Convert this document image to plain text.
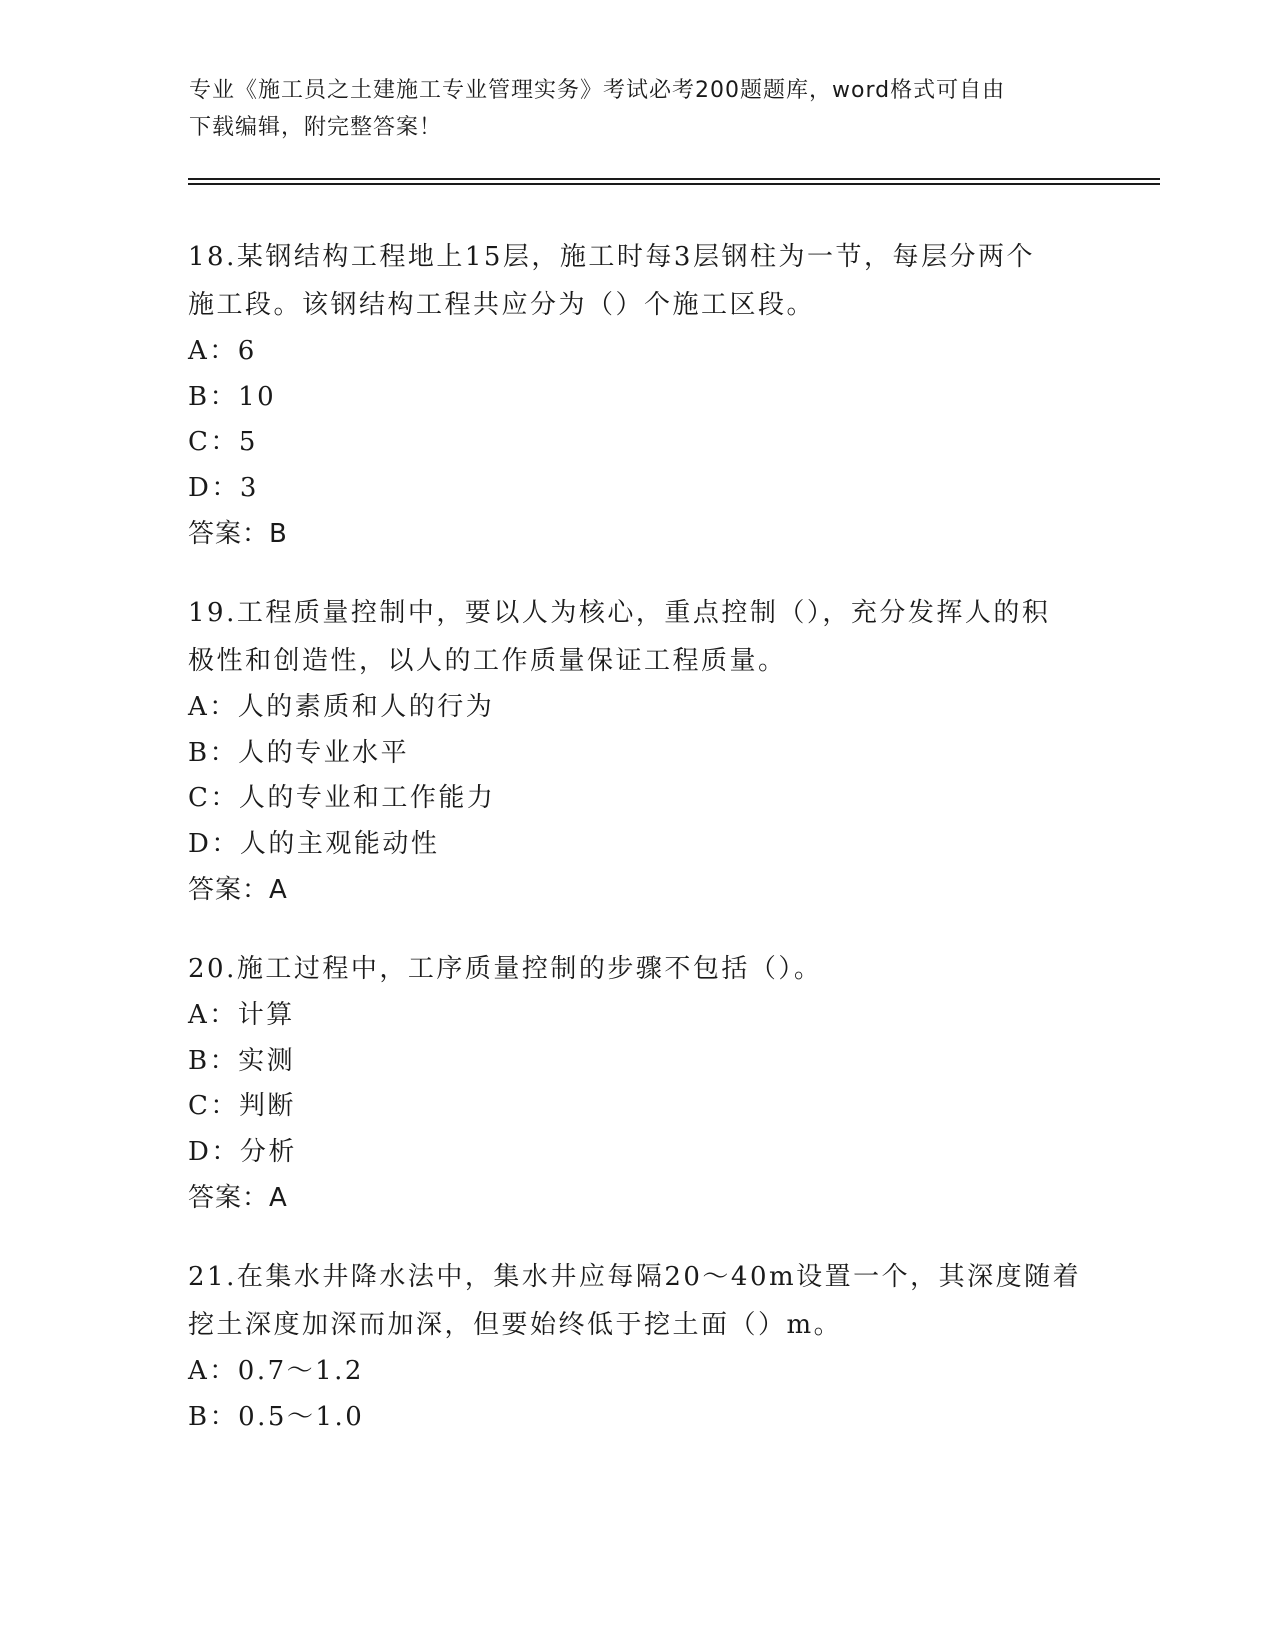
专业《施工员之土建施工专业管理实务》考试必考200题题库，word格式可自由
下载编辑，附完整答案！
18.某钢结构工程地上15层，施工时每3层钢柱为一节，每层分两个
施工段。该钢结构工程共应分为（）个施工区段。
A：6
B：10
C：5
D：3
答案：B
19.工程质量控制中，要以人为核心，重点控制（），充分发挥人的积
极性和创造性，以人的工作质量保证工程质量。
A：人的素质和人的行为
B：人的专业水平
C：人的专业和工作能力
D：人的主观能动性
答案：A
20.施工过程中，工序质量控制的步骤不包括（）。
A：计算
B：实测
C：判断
D：分析
答案：A
21.在集水井降水法中，集水井应每隔20～40m设置一个，其深度随着
挖土深度加深而加深，但要始终低于挖土面（）m。
A：0.7～1.2
B：0.5～1.0
